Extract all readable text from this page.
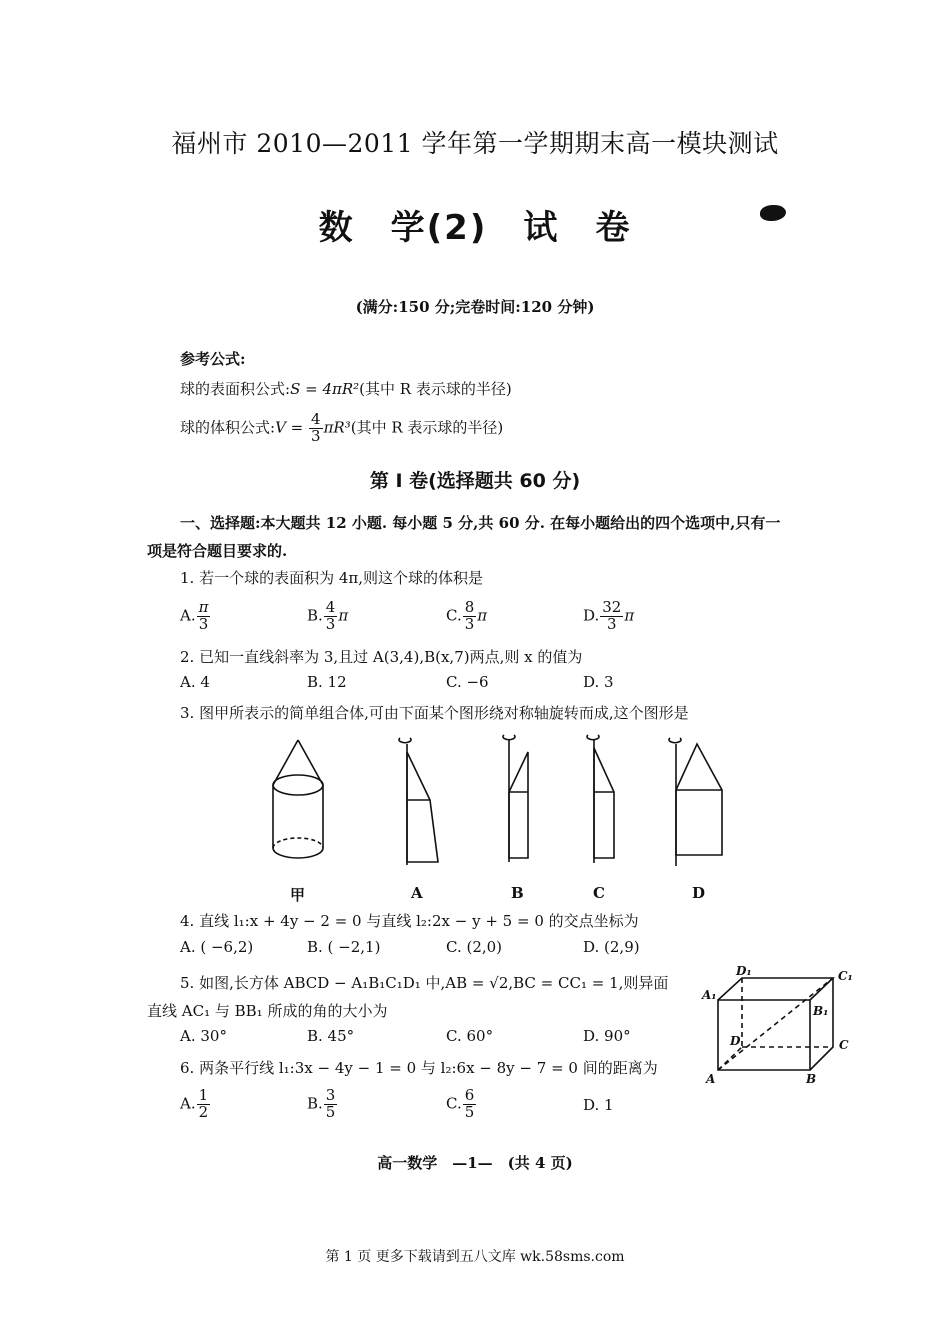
福州市 2010—2011 学年第一学期期末高一模块测试
数　学(2)　试　卷
(满分:150 分;完卷时间:120 分钟)
参考公式:
球的表面积公式:S = 4πR²(其中 R 表示球的半径)
球的体积公式:V = $\frac{4}{3} \pi R^3$(其中 R 表示球的半径)
第 I 卷(选择题共 60 分)
一、选择题:本大题共 12 小题. 每小题 5 分,共 60 分. 在每小题给出的四个选项中,只有一
项是符合题目要求的.
1. 若一个球的表面积为 4π,则这个球的体积是
A. $\frac{\pi}{3}$	B. $\frac{4}{3}$ π	C. $\frac{8}{3}$ π	D. $\frac{32}{3}$ π
2. 已知一直线斜率为 3,且过 A(3,4),B(x,7)两点,则 x 的值为
A. 4	B. 12	C. −6	D. 3
3. 图甲所表示的简单组合体,可由下面某个图形绕对称轴旋转而成,这个图形是
甲	A	B	C	D
4. 直线 l₁:x + 4y − 2 = 0 与直线 l₂:2x − y + 5 = 0 的交点坐标为
A. ( −6,2)	B. ( −2,1)	C. (2,0)	D. (2,9)
5. 如图,长方体 ABCD − A₁B₁C₁D₁ 中,AB = √2,BC = CC₁ = 1,则异面
直线 AC₁ 与 BB₁ 所成的角的大小为
A. 30°	B. 45°	C. 60°	D. 90°
A	B
C
D
A₁
B₁
C₁
D₁
6. 两条平行线 l₁:3x − 4y − 1 = 0 与 l₂:6x − 8y − 7 = 0 间的距离为
A. $\frac{1}{2}$	B. $\frac{3}{5}$	C. $\frac{6}{5}$	D. 1
高一数学　—1—　(共 4 页)
第 1 页 更多下载请到五八文库 wk.58sms.com
